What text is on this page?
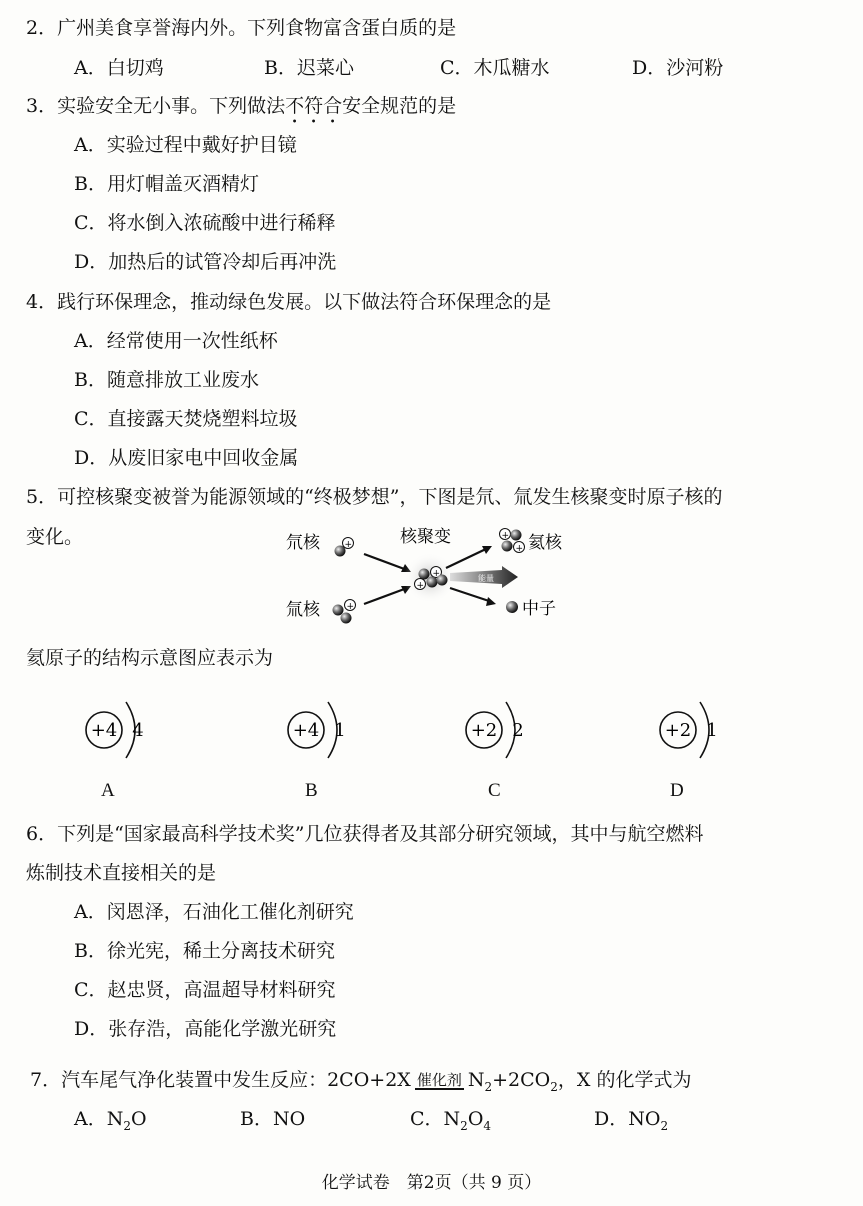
2．广州美食享誉海内外。下列食物富含蛋白质的是
A．白切鸡	B．迟菜心	C．木瓜糖水	D．沙河粉
3．实验安全无小事。下列做法不符合安全规范的是
A．实验过程中戴好护目镜
B．用灯帽盖灭酒精灯
C．将水倒入浓硫酸中进行稀释
D．加热后的试管冷却后再冲洗
4．践行环保理念，推动绿色发展。以下做法符合环保理念的是
A．经常使用一次性纸杯
B．随意排放工业废水
C．直接露天焚烧塑料垃圾
D．从废旧家电中回收金属
5．可控核聚变被誉为能源领域的“终极梦想”，下图是氘、氚发生核聚变时原子核的
变化。	氘核	+
氚核	+
核聚变
+
+
能量
+
+ 氦核
中子
氦原子的结构示意图应表示为
+4 4
A
+4 1
B
+2 2
C
+2 1
D
6．下列是“国家最高科学技术奖”几位获得者及其部分研究领域，其中与航空燃料
炼制技术直接相关的是
A．闵恩泽，石油化工催化剂研究
B．徐光宪，稀土分离技术研究
C．赵忠贤，高温超导材料研究
D．张存浩，高能化学激光研究
7．汽车尾气净化装置中发生反应：2CO+2X 催化剂 $N_2+2CO_2$，X 的化学式为
A．$N_2O$	B．NO	C．$N_2O_4$	D．$NO_2$
化学试卷　第2页（共 9 页）
